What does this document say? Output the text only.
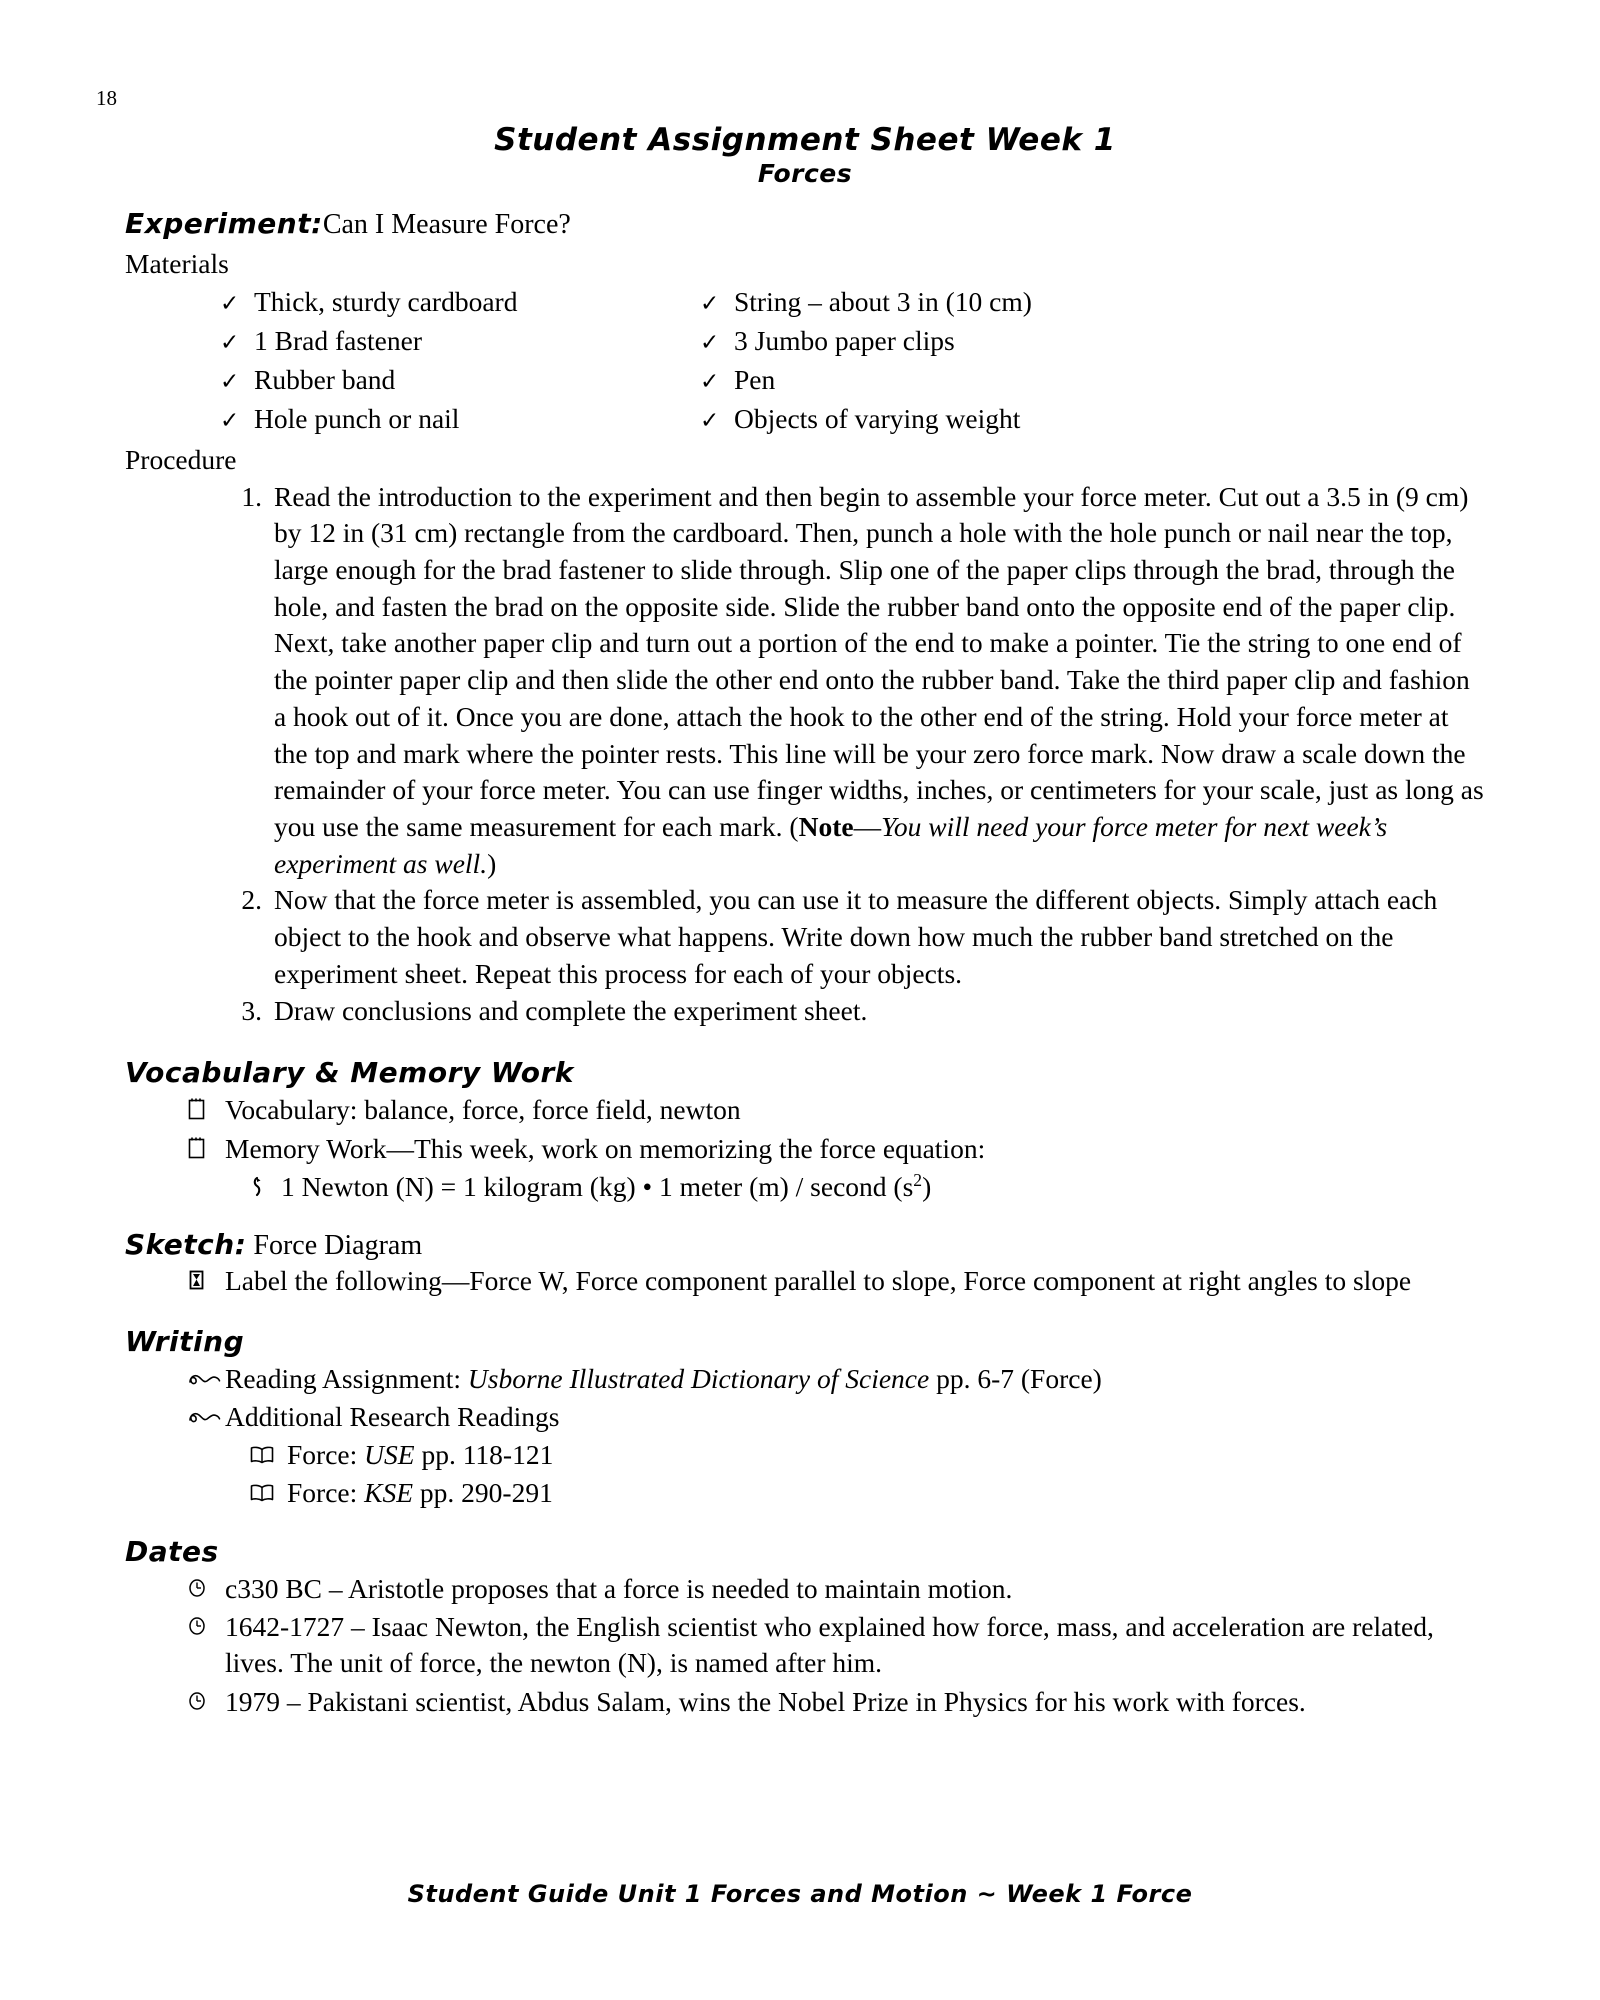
18
Student Assignment Sheet Week 1
Forces
Experiment:Can I Measure Force?
Materials
✓ Thick, sturdy cardboard
✓ 1 Brad fastener
✓ Rubber band
✓ Hole punch or nail
✓ String – about 3 in (10 cm)
✓ 3 Jumbo paper clips
✓ Pen
✓ Objects of varying weight
Procedure
1. Read the introduction to the experiment and then begin to assemble your force meter. Cut out a 3.5 in (9 cm) by 12 in (31 cm) rectangle from the cardboard. Then, punch a hole with the hole punch or nail near the top, large enough for the brad fastener to slide through. Slip one of the paper clips through the brad, through the hole, and fasten the brad on the opposite side. Slide the rubber band onto the opposite end of the paper clip. Next, take another paper clip and turn out a portion of the end to make a pointer. Tie the string to one end of the pointer paper clip and then slide the other end onto the rubber band. Take the third paper clip and fashion a hook out of it. Once you are done, attach the hook to the other end of the string. Hold your force meter at the top and mark where the pointer rests. This line will be your zero force mark. Now draw a scale down the remainder of your force meter. You can use finger widths, inches, or centimeters for your scale, just as long as you use the same measurement for each mark. (Note—You will need your force meter for next week’s experiment as well.)
2. Now that the force meter is assembled, you can use it to measure the different objects. Simply attach each object to the hook and observe what happens. Write down how much the rubber band stretched on the experiment sheet. Repeat this process for each of your objects.
3. Draw conclusions and complete the experiment sheet.
Vocabulary & Memory Work
Vocabulary: balance, force, force field, newton
Memory Work—This week, work on memorizing the force equation:
1 Newton (N) = 1 kilogram (kg) • 1 meter (m) / second $(s^2)$
Sketch: Force Diagram
Label the following—Force W, Force component parallel to slope, Force component at right angles to slope
Writing
Reading Assignment: Usborne Illustrated Dictionary of Science pp. 6-7 (Force)
Additional Research Readings
Force: USE pp. 118-121
Force: KSE pp. 290-291
Dates
c330 BC – Aristotle proposes that a force is needed to maintain motion.
1642-1727 – Isaac Newton, the English scientist who explained how force, mass, and acceleration are related, lives. The unit of force, the newton (N), is named after him.
1979 – Pakistani scientist, Abdus Salam, wins the Nobel Prize in Physics for his work with forces.
Student Guide Unit 1 Forces and Motion ~ Week 1 Force
